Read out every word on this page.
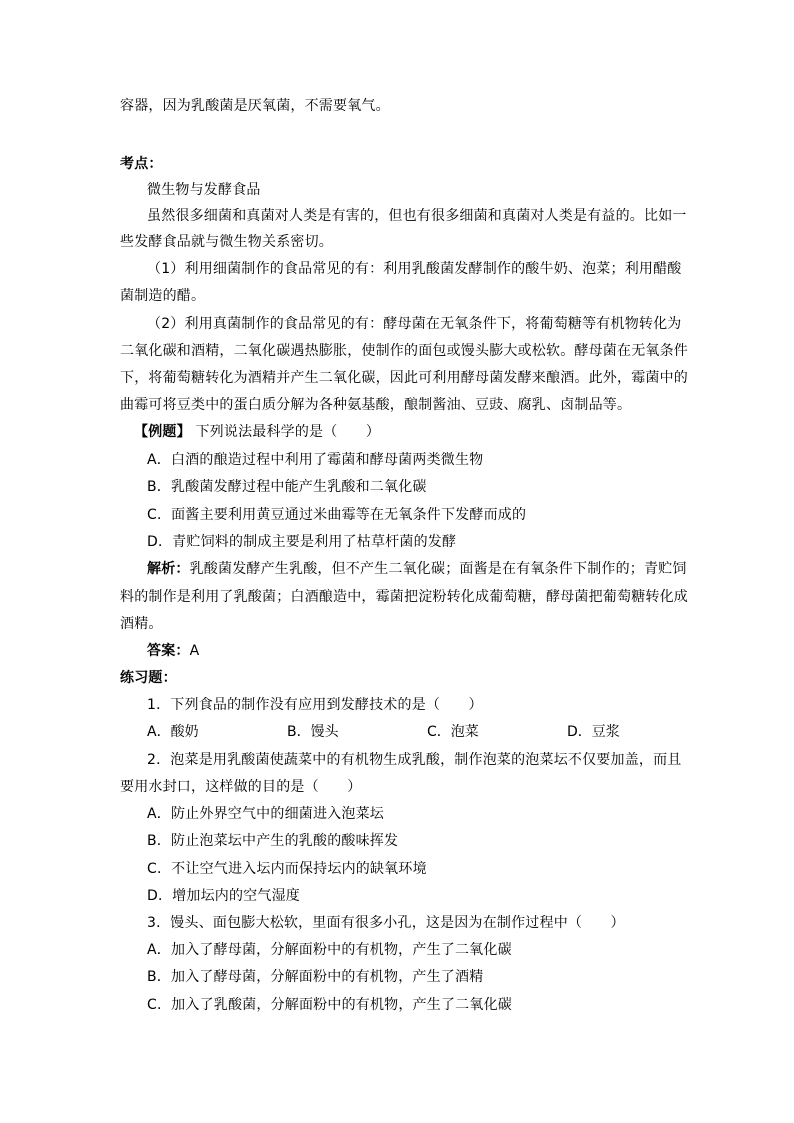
容器，因为乳酸菌是厌氧菌，不需要氧气。
考点：
微生物与发酵食品
虽然很多细菌和真菌对人类是有害的，但也有很多细菌和真菌对人类是有益的。比如一
些发酵食品就与微生物关系密切。
（1）利用细菌制作的食品常见的有：利用乳酸菌发酵制作的酸牛奶、泡菜；利用醋酸
菌制造的醋。
（2）利用真菌制作的食品常见的有：酵母菌在无氧条件下，将葡萄糖等有机物转化为
二氧化碳和酒精，二氧化碳遇热膨胀，使制作的面包或馒头膨大或松软。酵母菌在无氧条件
下，将葡萄糖转化为酒精并产生二氧化碳，因此可利用酵母菌发酵来酿酒。此外，霉菌中的
曲霉可将豆类中的蛋白质分解为各种氨基酸，酿制酱油、豆豉、腐乳、卤制品等。
【例题】 下列说法最科学的是（　　）
A．白酒的酿造过程中利用了霉菌和酵母菌两类微生物
B．乳酸菌发酵过程中能产生乳酸和二氧化碳
C．面酱主要利用黄豆通过米曲霉等在无氧条件下发酵而成的
D．青贮饲料的制成主要是利用了枯草杆菌的发酵
解析：乳酸菌发酵产生乳酸，但不产生二氧化碳；面酱是在有氧条件下制作的；青贮饲
料的制作是利用了乳酸菌；白酒酿造中，霉菌把淀粉转化成葡萄糖，酵母菌把葡萄糖转化成
酒精。
答案：A
练习题：
1．下列食品的制作没有应用到发酵技术的是（　　）
A．酸奶	B．馒头	C．泡菜	D．豆浆
2．泡菜是用乳酸菌使蔬菜中的有机物生成乳酸，制作泡菜的泡菜坛不仅要加盖，而且
要用水封口，这样做的目的是（　　）
A．防止外界空气中的细菌进入泡菜坛
B．防止泡菜坛中产生的乳酸的酸味挥发
C．不让空气进入坛内而保持坛内的缺氧环境
D．增加坛内的空气湿度
3．馒头、面包膨大松软，里面有很多小孔，这是因为在制作过程中（　　）
A．加入了酵母菌，分解面粉中的有机物，产生了二氧化碳
B．加入了酵母菌，分解面粉中的有机物，产生了酒精
C．加入了乳酸菌，分解面粉中的有机物，产生了二氧化碳
